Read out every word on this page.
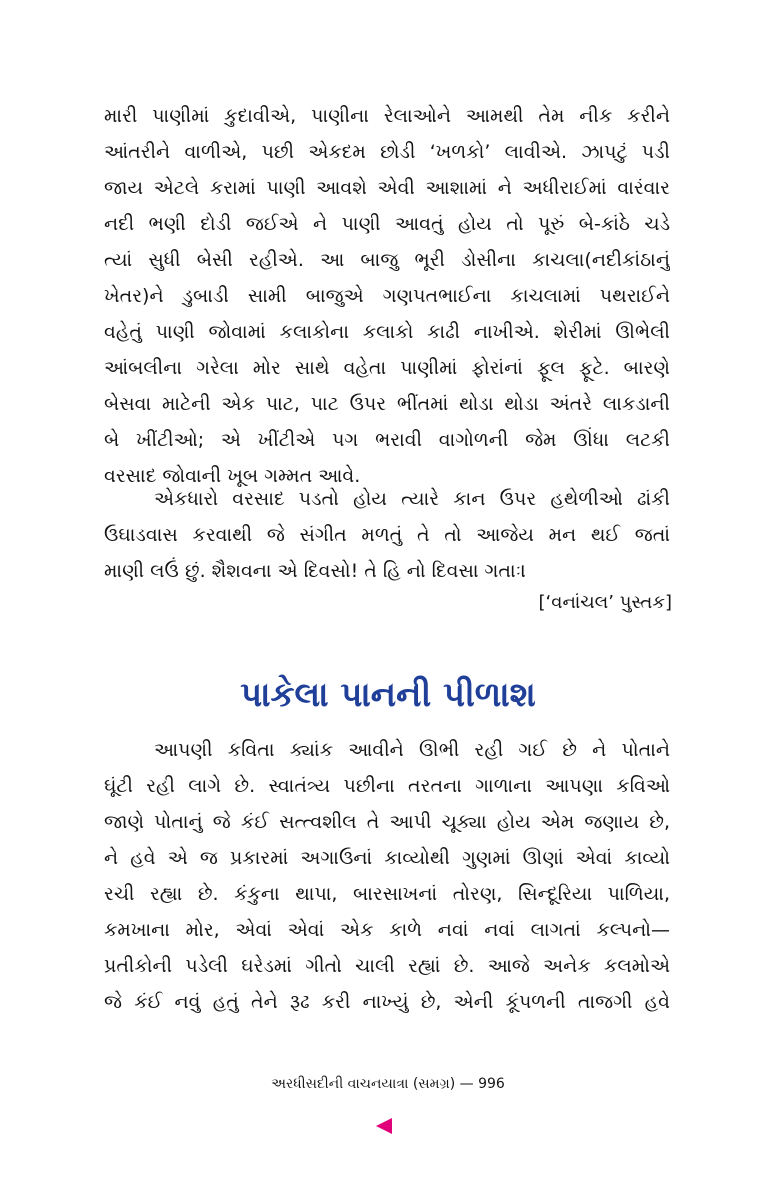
મારી પાણીમાં કુદાવીએ, પાણીના રેલાઓને આમથી તેમ નીક કરીને
આંતરીને વાળીએ, પછી એકદમ છોડી ‘ખળકો’ લાવીએ. ઝાપટું પડી
જાય એટલે કરામાં પાણી આવશે એવી આશામાં ને અધીરાઈમાં વારંવાર
નદી ભણી દોડી જઈએ ને પાણી આવતું હોય તો પૂરું બે-કાંઠે ચડે
ત્યાં સુધી બેસી રહીએ. આ બાજુ ભૂરી ડોસીના કાચલા(નદીકાંઠાનું
ખેતર)ને ડુબાડી સામી બાજુએ ગણપતભાઈના કાચલામાં પથરાઈને
વહેતું પાણી જોવામાં કલાકોના કલાકો કાઢી નાખીએ. શેરીમાં ઊભેલી
આંબલીના ગરેલા મોર સાથે વહેતા પાણીમાં ફોરાંનાં ફૂલ ફૂટે. બારણે
બેસવા માટેની એક પાટ, પાટ ઉપર ભીંતમાં થોડા થોડા અંતરે લાકડાની
બે ખીંટીઓ; એ ખીંટીએ પગ ભરાવી વાગોળની જેમ ઊંધા લટકી
વરસાદ જોવાની ખૂબ ગમ્મત આવે.
એકધારો વરસાદ પડતો હોય ત્યારે કાન ઉપર હથેળીઓ ઢાંકી
ઉઘાડવાસ કરવાથી જે સંગીત મળતું તે તો આજેય મન થઈ જતાં
માણી લઉં છું. શૈશવના એ દિવસો! તે હિ નો દિવસા ગતાઃ।
[‘વનાંચલ’ પુસ્તક]
પાકેલા પાનની પીળાશ
આપણી કવિતા ક્યાંક આવીને ઊભી રહી ગઈ છે ને પોતાને
ઘૂંટી રહી લાગે છે. સ્વાતંત્ર્ય પછીના તરતના ગાળાના આપણા કવિઓ
જાણે પોતાનું જે કંઈ સત્ત્વશીલ તે આપી ચૂક્યા હોય એમ જણાય છે,
ને હવે એ જ પ્રકારમાં અગાઉનાં કાવ્યોથી ગુણમાં ઊણાં એવાં કાવ્યો
રચી રહ્યા છે. કંકુના થાપા, બારસાખનાં તોરણ, સિન્દૂરિયા પાળિયા,
કમખાના મોર, એવાં એવાં એક કાળે નવાં નવાં લાગતાં કલ્પનો—
પ્રતીકોની પડેલી ઘરેડમાં ગીતો ચાલી રહ્યાં છે. આજે અનેક કલમોએ
જે કંઈ નવું હતું તેને રૂઢ કરી નાખ્યું છે, એની કૂંપળની તાજગી હવે
અરધીસદીની વાચનયાત્રા (સમગ્ર) — 996
